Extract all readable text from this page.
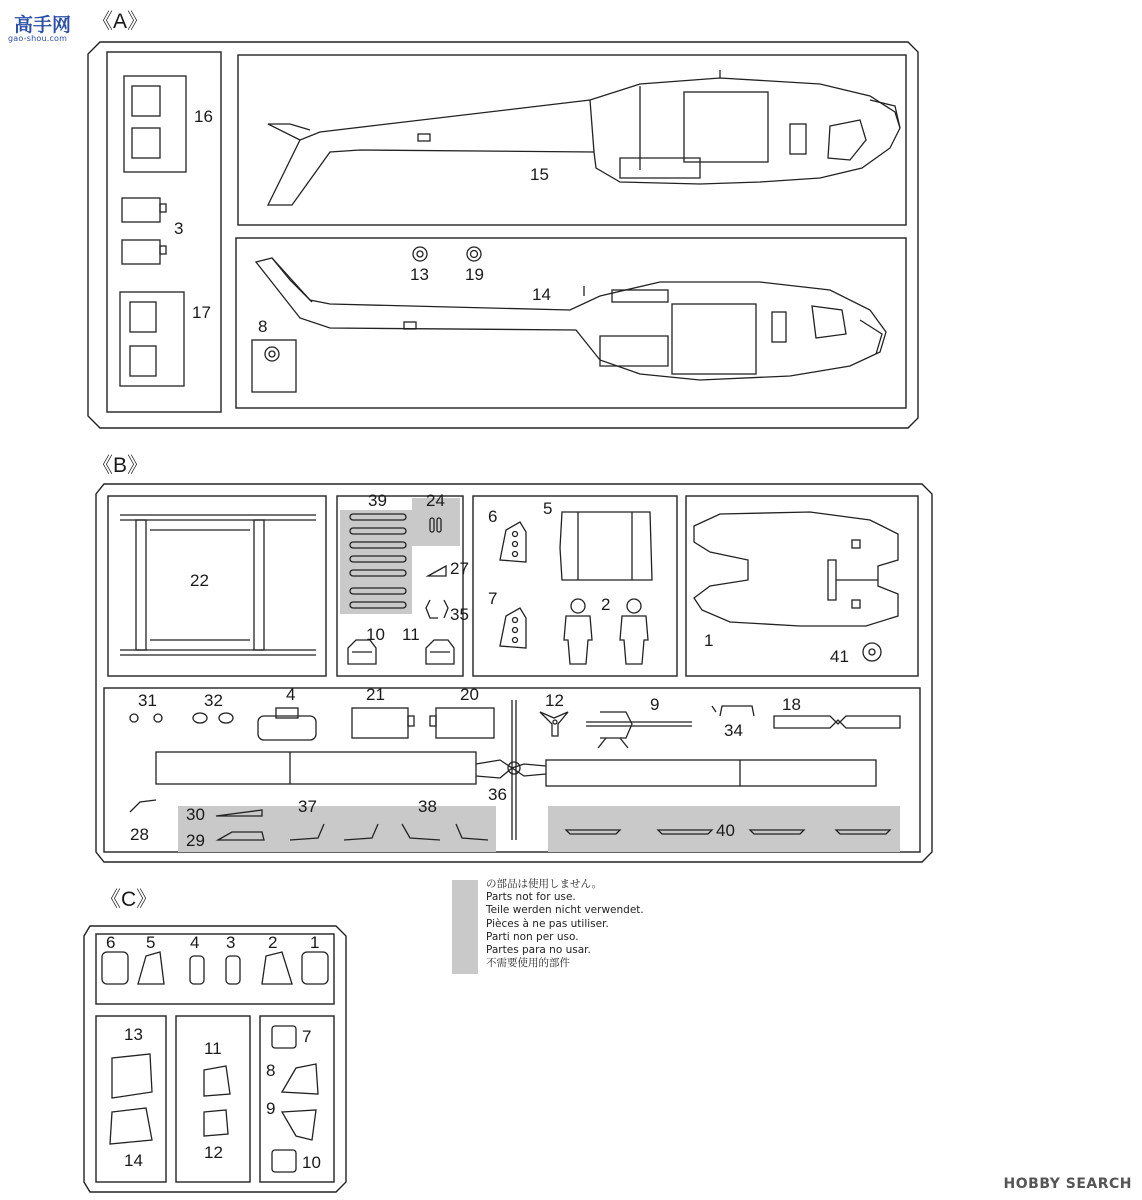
高手网
gao-shou.com
《A》
16
3
17
8
15
13 19
14
《B》
22
39 24
27
35
10 11
6	5
7	2
1
41
31	32	4	21	20	12	9
34
18
36
28
30
29
37	38
40
《C》
6 5 4 3 2 1
13
14
11
12
7
8
9
10
の部品は使用しません。
Parts not for use.
Teile werden nicht verwendet.
Pièces à ne pas utiliser.
Parti non per uso.
Partes para no usar.
不需要使用的部件
HOBBY SEARCH
